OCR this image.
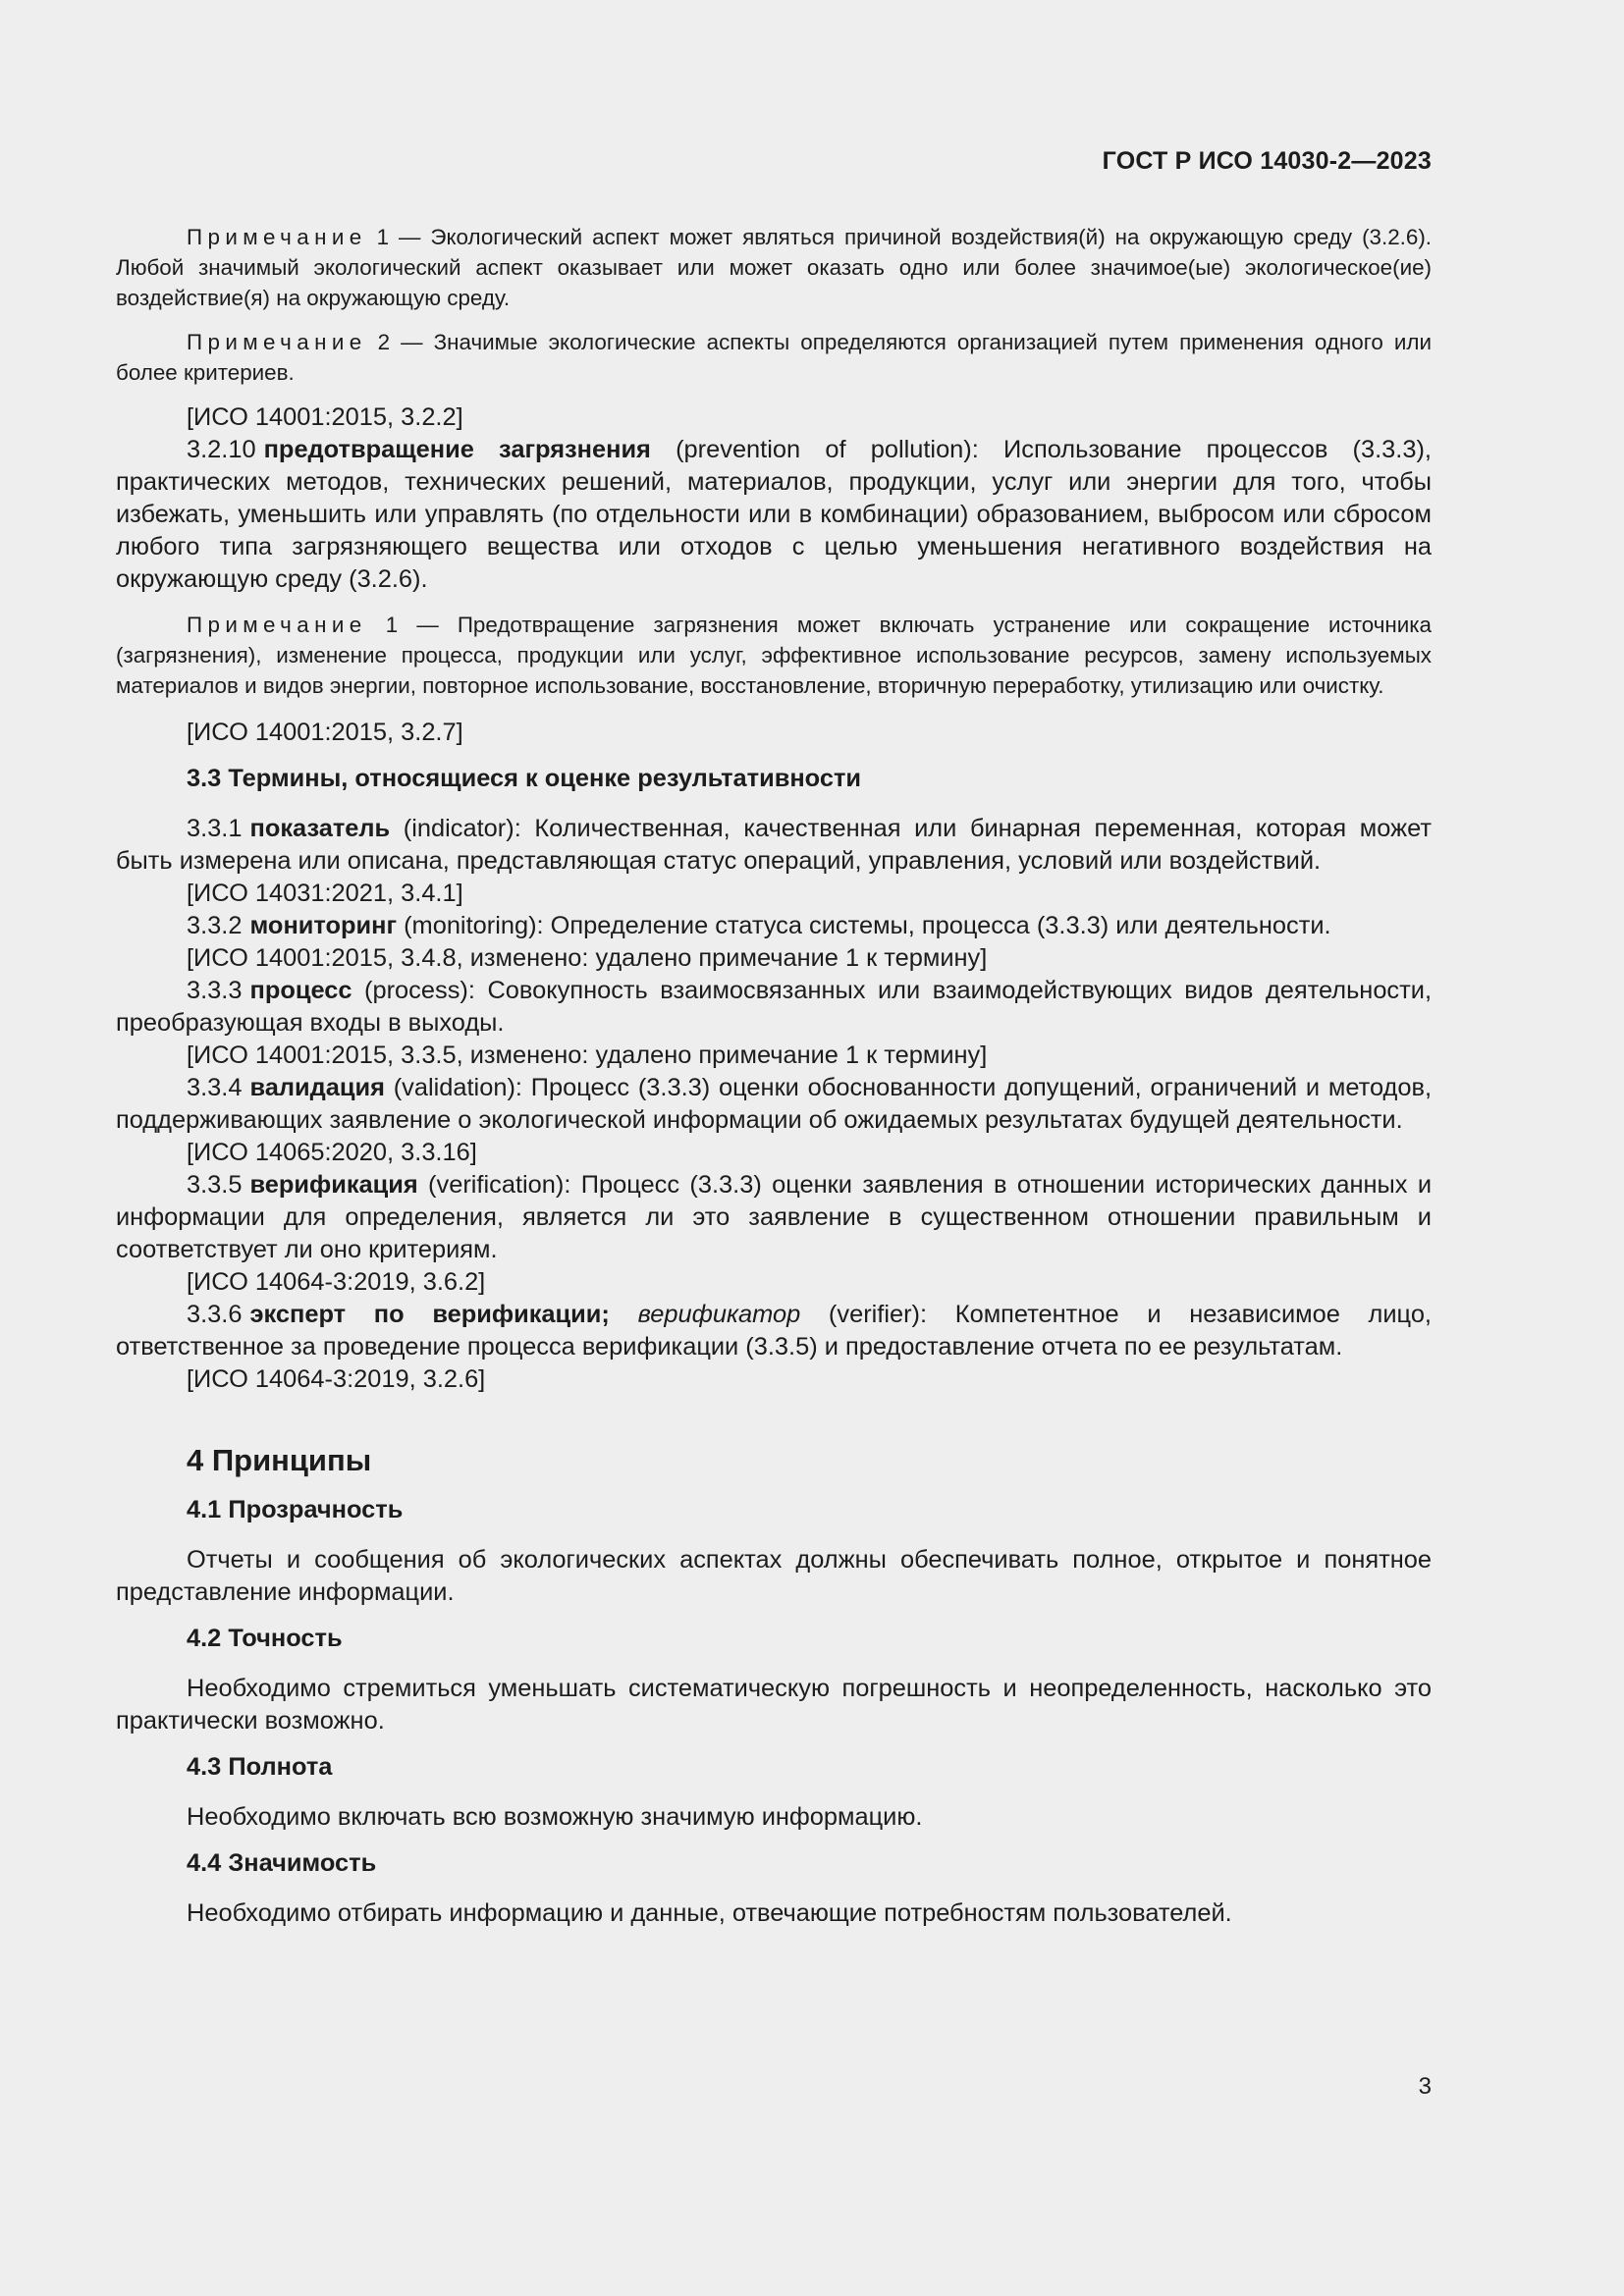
ГОСТ Р ИСО 14030-2—2023

Примечание 1 — Экологический аспект может являться причиной воздействия(й) на окружающую среду (3.2.6). Любой значимый экологический аспект оказывает или может оказать одно или более значимое(ые) экологическое(ие) воздействие(я) на окружающую среду.

Примечание 2 — Значимые экологические аспекты определяются организацией путем применения одного или более критериев.

[ИСО 14001:2015, 3.2.2]

3.2.10 предотвращение загрязнения (prevention of pollution): Использование процессов (3.3.3), практических методов, технических решений, материалов, продукции, услуг или энергии для того, чтобы избежать, уменьшить или управлять (по отдельности или в комбинации) образованием, выбросом или сбросом любого типа загрязняющего вещества или отходов с целью уменьшения негативного воздействия на окружающую среду (3.2.6).

Примечание 1 — Предотвращение загрязнения может включать устранение или сокращение источника (загрязнения), изменение процесса, продукции или услуг, эффективное использование ресурсов, замену используемых материалов и видов энергии, повторное использование, восстановление, вторичную переработку, утилизацию или очистку.

[ИСО 14001:2015, 3.2.7]

3.3 Термины, относящиеся к оценке результативности

3.3.1 показатель (indicator): Количественная, качественная или бинарная переменная, которая может быть измерена или описана, представляющая статус операций, управления, условий или воздействий.

[ИСО 14031:2021, 3.4.1]

3.3.2 мониторинг (monitoring): Определение статуса системы, процесса (3.3.3) или деятельности.

[ИСО 14001:2015, 3.4.8, изменено: удалено примечание 1 к термину]

3.3.3 процесс (process): Совокупность взаимосвязанных или взаимодействующих видов деятельности, преобразующая входы в выходы.

[ИСО 14001:2015, 3.3.5, изменено: удалено примечание 1 к термину]

3.3.4 валидация (validation): Процесс (3.3.3) оценки обоснованности допущений, ограничений и методов, поддерживающих заявление о экологической информации об ожидаемых результатах будущей деятельности.

[ИСО 14065:2020, 3.3.16]

3.3.5 верификация (verification): Процесс (3.3.3) оценки заявления в отношении исторических данных и информации для определения, является ли это заявление в существенном отношении правильным и соответствует ли оно критериям.

[ИСО 14064-3:2019, 3.6.2]

3.3.6 эксперт по верификации; верификатор (verifier): Компетентное и независимое лицо, ответственное за проведение процесса верификации (3.3.5) и предоставление отчета по ее результатам.

[ИСО 14064-3:2019, 3.2.6]

4 Принципы

4.1 Прозрачность

Отчеты и сообщения об экологических аспектах должны обеспечивать полное, открытое и понятное представление информации.

4.2 Точность

Необходимо стремиться уменьшать систематическую погрешность и неопределенность, насколько это практически возможно.

4.3 Полнота

Необходимо включать всю возможную значимую информацию.

4.4 Значимость

Необходимо отбирать информацию и данные, отвечающие потребностям пользователей.

3
